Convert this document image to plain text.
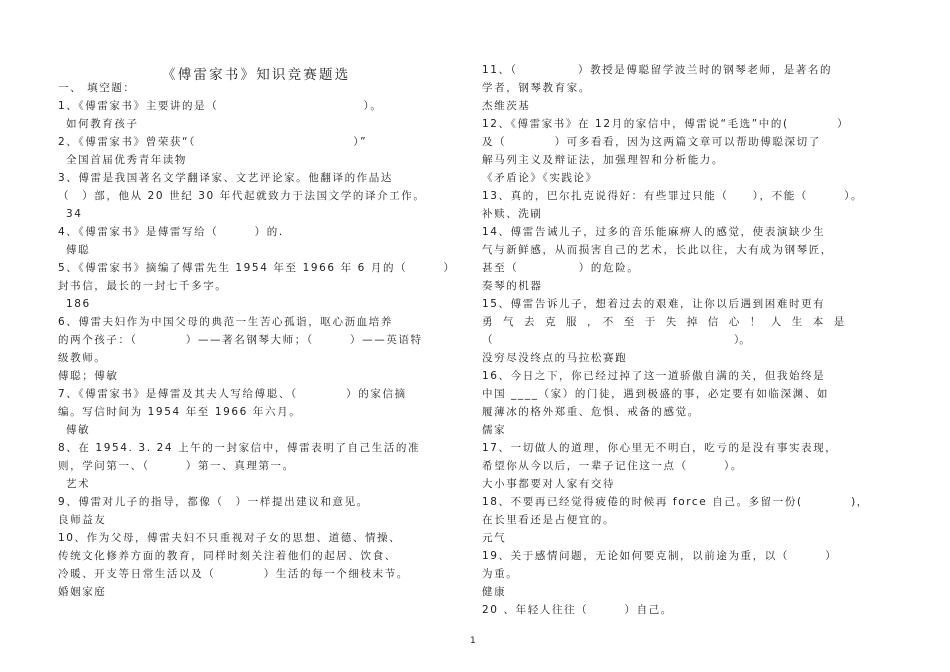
《傅雷家书》知识竞赛题选
一、 填空题：
1、《傅雷家书》主要讲的是（　　　　　　　　　　　　）。
如何教育孩子
2、《傅雷家书》曾荣获“（　　　　　　　　　　　　　）”
全国首届优秀青年读物
3、傅雷是我国著名文学翻译家、文艺评论家。他翻译的作品达
（　）部，他从 20 世纪 30 年代起就致力于法国文学的译介工作。
34
4、《傅雷家书》是傅雷写给（　　　）的.
傅聪
5、《傅雷家书》摘编了傅雷先生 1954 年至 1966 年 6 月的（　　　）
封书信，最长的一封七千多字。
186
6、傅雷夫妇作为中国父母的典范一生苦心孤诣，呕心沥血培养
的两个孩子：（　　　　）——著名钢琴大师；（　　　）——英语特
级教师。
傅聪；傅敏
7、《傅雷家书》是傅雷及其夫人写给傅聪、（　　　　）的家信摘
编。写信时间为 1954 年至 1966 年六月。
傅敏
8、在 1954. 3. 24 上午的一封家信中，傅雷表明了自己生活的准
则，学问第一、（　　　）第一、真理第一。
艺术
9、傅雷对儿子的指导，都像（　）一样提出建议和意见。
良师益友
10、作为父母，傅雷夫妇不只重视对子女的思想、道德、情操、
传统文化修养方面的教育，同样时刻关注着他们的起居、饮食、
冷暖、开支等日常生活以及（　　　　）生活的每一个细枝末节。
婚姻家庭
11、（　　　　　）教授是傅聪留学波兰时的钢琴老师，是著名的
学者，钢琴教育家。
杰维茨基
12、《傅雷家书》在 12月的家信中，傅雷说“毛选”中的(　　　　）
及（　　　　）可多看看，因为这两篇文章可以帮助傅聪深切了
解马列主义及辩证法，加强理智和分析能力。
《矛盾论》《实践论》
13、真的，巴尔扎克说得好：有些罪过只能（　　），不能（　　　）。
补赎、洗刷
14、傅雷告诫儿子，过多的音乐能麻痹人的感觉，使表演缺少生
气与新鲜感，从而损害自己的艺术，长此以往，大有成为钢琴匠，
甚至（　　　　　）的危险。
奏琴的机器
15、傅雷告诉儿子，想着过去的艰难，让你以后遇到困难时更有
勇　气　去　克　服　，　不　至　于　失　掉　信　心　！　人　生　本　是
（　　　　　　　　　　　　　　　　　　　　　　　）。
没穷尽没终点的马拉松赛跑
16、今日之下，你已经过掉了这一道骄傲自满的关，但我始终是
中国 ____（家）的门徒，遇到极盛的事，必定要有如临深渊、如
履薄冰的格外郑重、危惧、戒备的感觉。
儒家
17、一切做人的道理，你心里无不明白，吃亏的是没有事实表现，
希望你从今以后，一辈子记住这一点（　　　）。
大小事都要对人家有交待
18、不要再已经觉得疲倦的时候再 force 自己。多留一份(　　　　)，
在长里看还是占便宜的。
元气
19、关于感情问题，无论如何要克制，以前途为重，以（　　　）
为重。
健康
20 、年轻人往往（　　　）自己。
1
